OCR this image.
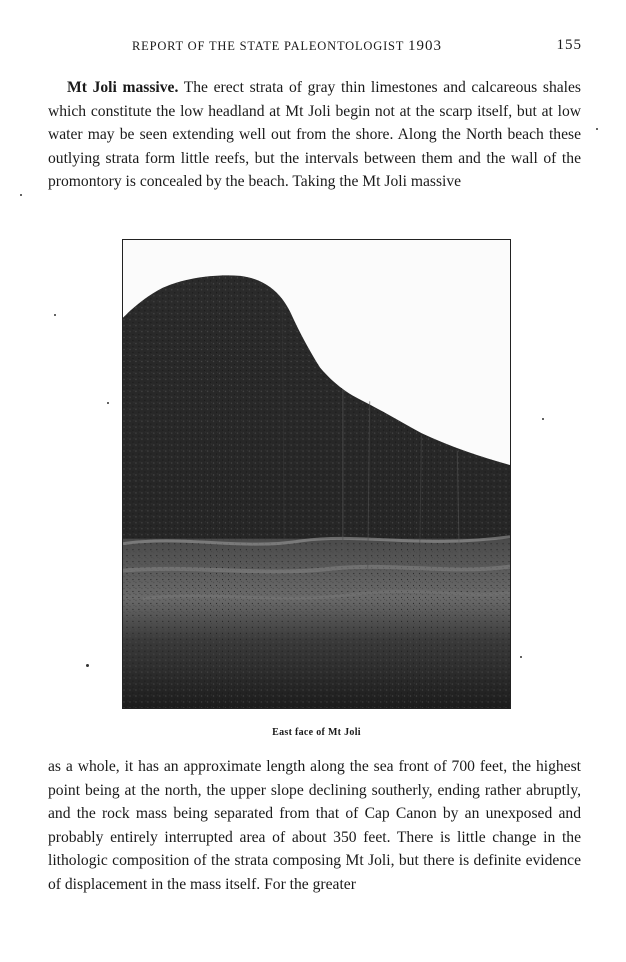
REPORT OF THE STATE PALEONTOLOGIST 1903	155

Mt Joli massive. The erect strata of gray thin limestones and calcareous shales which constitute the low headland at Mt Joli begin not at the scarp itself, but at low water may be seen extending well out from the shore. Along the North beach these outlying strata form little reefs, but the intervals between them and the wall of the promontory is concealed by the beach. Taking the Mt Joli massive

East face of Mt Joli

as a whole, it has an approximate length along the sea front of 700 feet, the highest point being at the north, the upper slope declining southerly, ending rather abruptly, and the rock mass being separated from that of Cap Canon by an unexposed and probably entirely interrupted area of about 350 feet. There is little change in the lithologic composition of the strata composing Mt Joli, but there is definite evidence of displacement in the mass itself. For the greater
